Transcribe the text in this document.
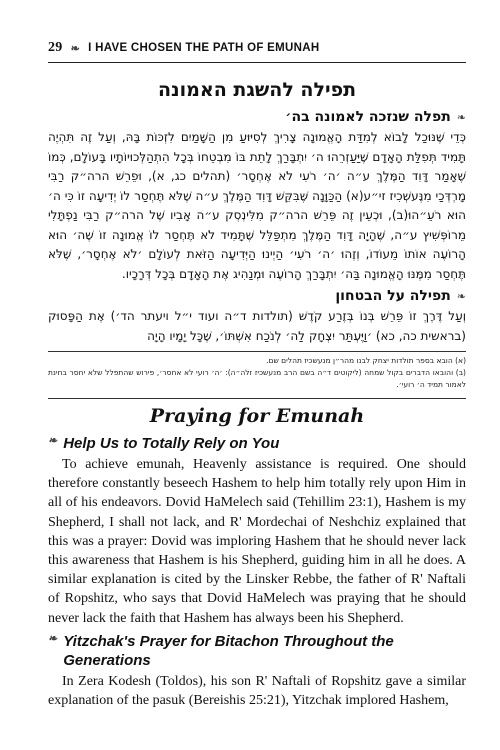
29 ❧ I HAVE CHOSEN THE PATH OF EMUNAH
תפילה להשגת האמונה
❧
תפלה שנזכה לאמונה בה׳

כְּדֵי שֶׁנּוּכַל לָבוֹא לְמִדַּת הָאֱמוּנָה צָרִיךְ לְסִיּוּעַ מִן הַשָּׁמַיִם לִזְכּוֹת בָּהּ, וְעַל זֶה תִּהְיֶה תָּמִיד תְּפִלַּת הָאָדָם שֶׁיַּעַזְרֵהוּ ה׳ יִתְבָּרַךְ לָתֵת בּוֹ מִבְטֵחוֹ בְּכָל הִתְהַלְּכוּיוֹתָיו בָּעוֹלָם, כְּמוֹ שֶׁאָמַר דָּוִד הַמֶּלֶךְ ע״ה ׳ה׳ רֹעִי לֹא אֶחְסָר׳ (תהלים כג, א), וּפֵרֵשׁ הרה״ק רַבִּי מָרְדְּכַי מִנֶּעשְׁכִיז זי״ע(א) הַכַּוָּנָה שֶׁבִּקֵּשׁ דָּוִד הַמֶּלֶךְ ע״ה שֶׁלֹּא תֶּחְסַר לוֹ יְדִיעָה זוֹ כִּי ה׳ הוּא רֹעֵ״הוּ(ב), וּכְעֵין זֶה פֵּרֵשׁ הרה״ק מִלִּינְסְק ע״ה אָבִיו שֶׁל הרה״ק רַבִּי נַפְתָּלִי מֵרוֹפְּשִׁיץ ע״ה, שֶׁהָיָה דָּוִד הַמֶּלֶךְ מִתְפַּלֵּל שֶׁתָּמִיד לֹא תֶּחְסַר לוֹ אֱמוּנָה זוֹ שֶׁה׳ הוּא הָרוֹעֶה אוֹתוֹ מֵעוֹדוֹ, וְזֶהוּ ׳ה׳ רֹעִי׳ הַיְינוּ הַיְּדִיעָה הַזֹּאת לְעוֹלָם ׳לֹא אֶחְסָר׳, שֶׁלֹּא תֶּחְסַר מִמֶּנּוּ הָאֱמוּנָה בַּה׳ יִתְבָּרַךְ הָרוֹעֶה וּמְנַהִיג אֶת הָאָדָם בְּכָל דְּרָכָיו.

❧
תפילה על הבטחון

וְעַל דֶּרֶךְ זוֹ פֵּרֵשׁ בְּנוֹ בְּזֶרַע קֹדֶשׁ (תולדות ד״ה ועוד י״ל ויעתר הד׳) אֶת הַפָּסוּק (בראשית כה, כא) ׳וַיֶּעְתַּר יִצְחָק לַה׳ לְנֹכַח אִשְׁתּוֹ׳, שֶׁכָּל יָמָיו הָיָה

(א) הובא בספר תולדות יצחק לבנו מהר״ן מנעשכיז תהלים שם.

(ב) והובאו הדברים בקול שמחה (ליקוטים ד״ה בשם הרב מנעשכיז זלה״ה): ׳ה׳ רועי לא אחסר׳, פירוש שהתפלל שלא יחסר בחינת לאמור תמיד ה׳ רועי׳.

Praying for Emunah
❧ Help Us to Totally Rely on You

To achieve emunah, Heavenly assistance is required. One should therefore constantly beseech Hashem to help him totally rely upon Him in all of his endeavors. Dovid HaMelech said (Tehillim 23:1), Hashem is my Shepherd, I shall not lack, and R' Mordechai of Neshchiz explained that this was a prayer: Dovid was imploring Hashem that he should never lack this awareness that Hashem is his Shepherd, guiding him in all he does. A similar explanation is cited by the Linsker Rebbe, the father of R' Naftali of Ropshitz, who says that Dovid HaMelech was praying that he should never lack the faith that Hashem has always been his Shepherd.

❧ Yitzchak's Prayer for Bitachon Throughout the Generations

In Zera Kodesh (Toldos), his son R' Naftali of Ropshitz gave a similar explanation of the pasuk (Bereishis 25:21), Yitzchak implored Hashem,
